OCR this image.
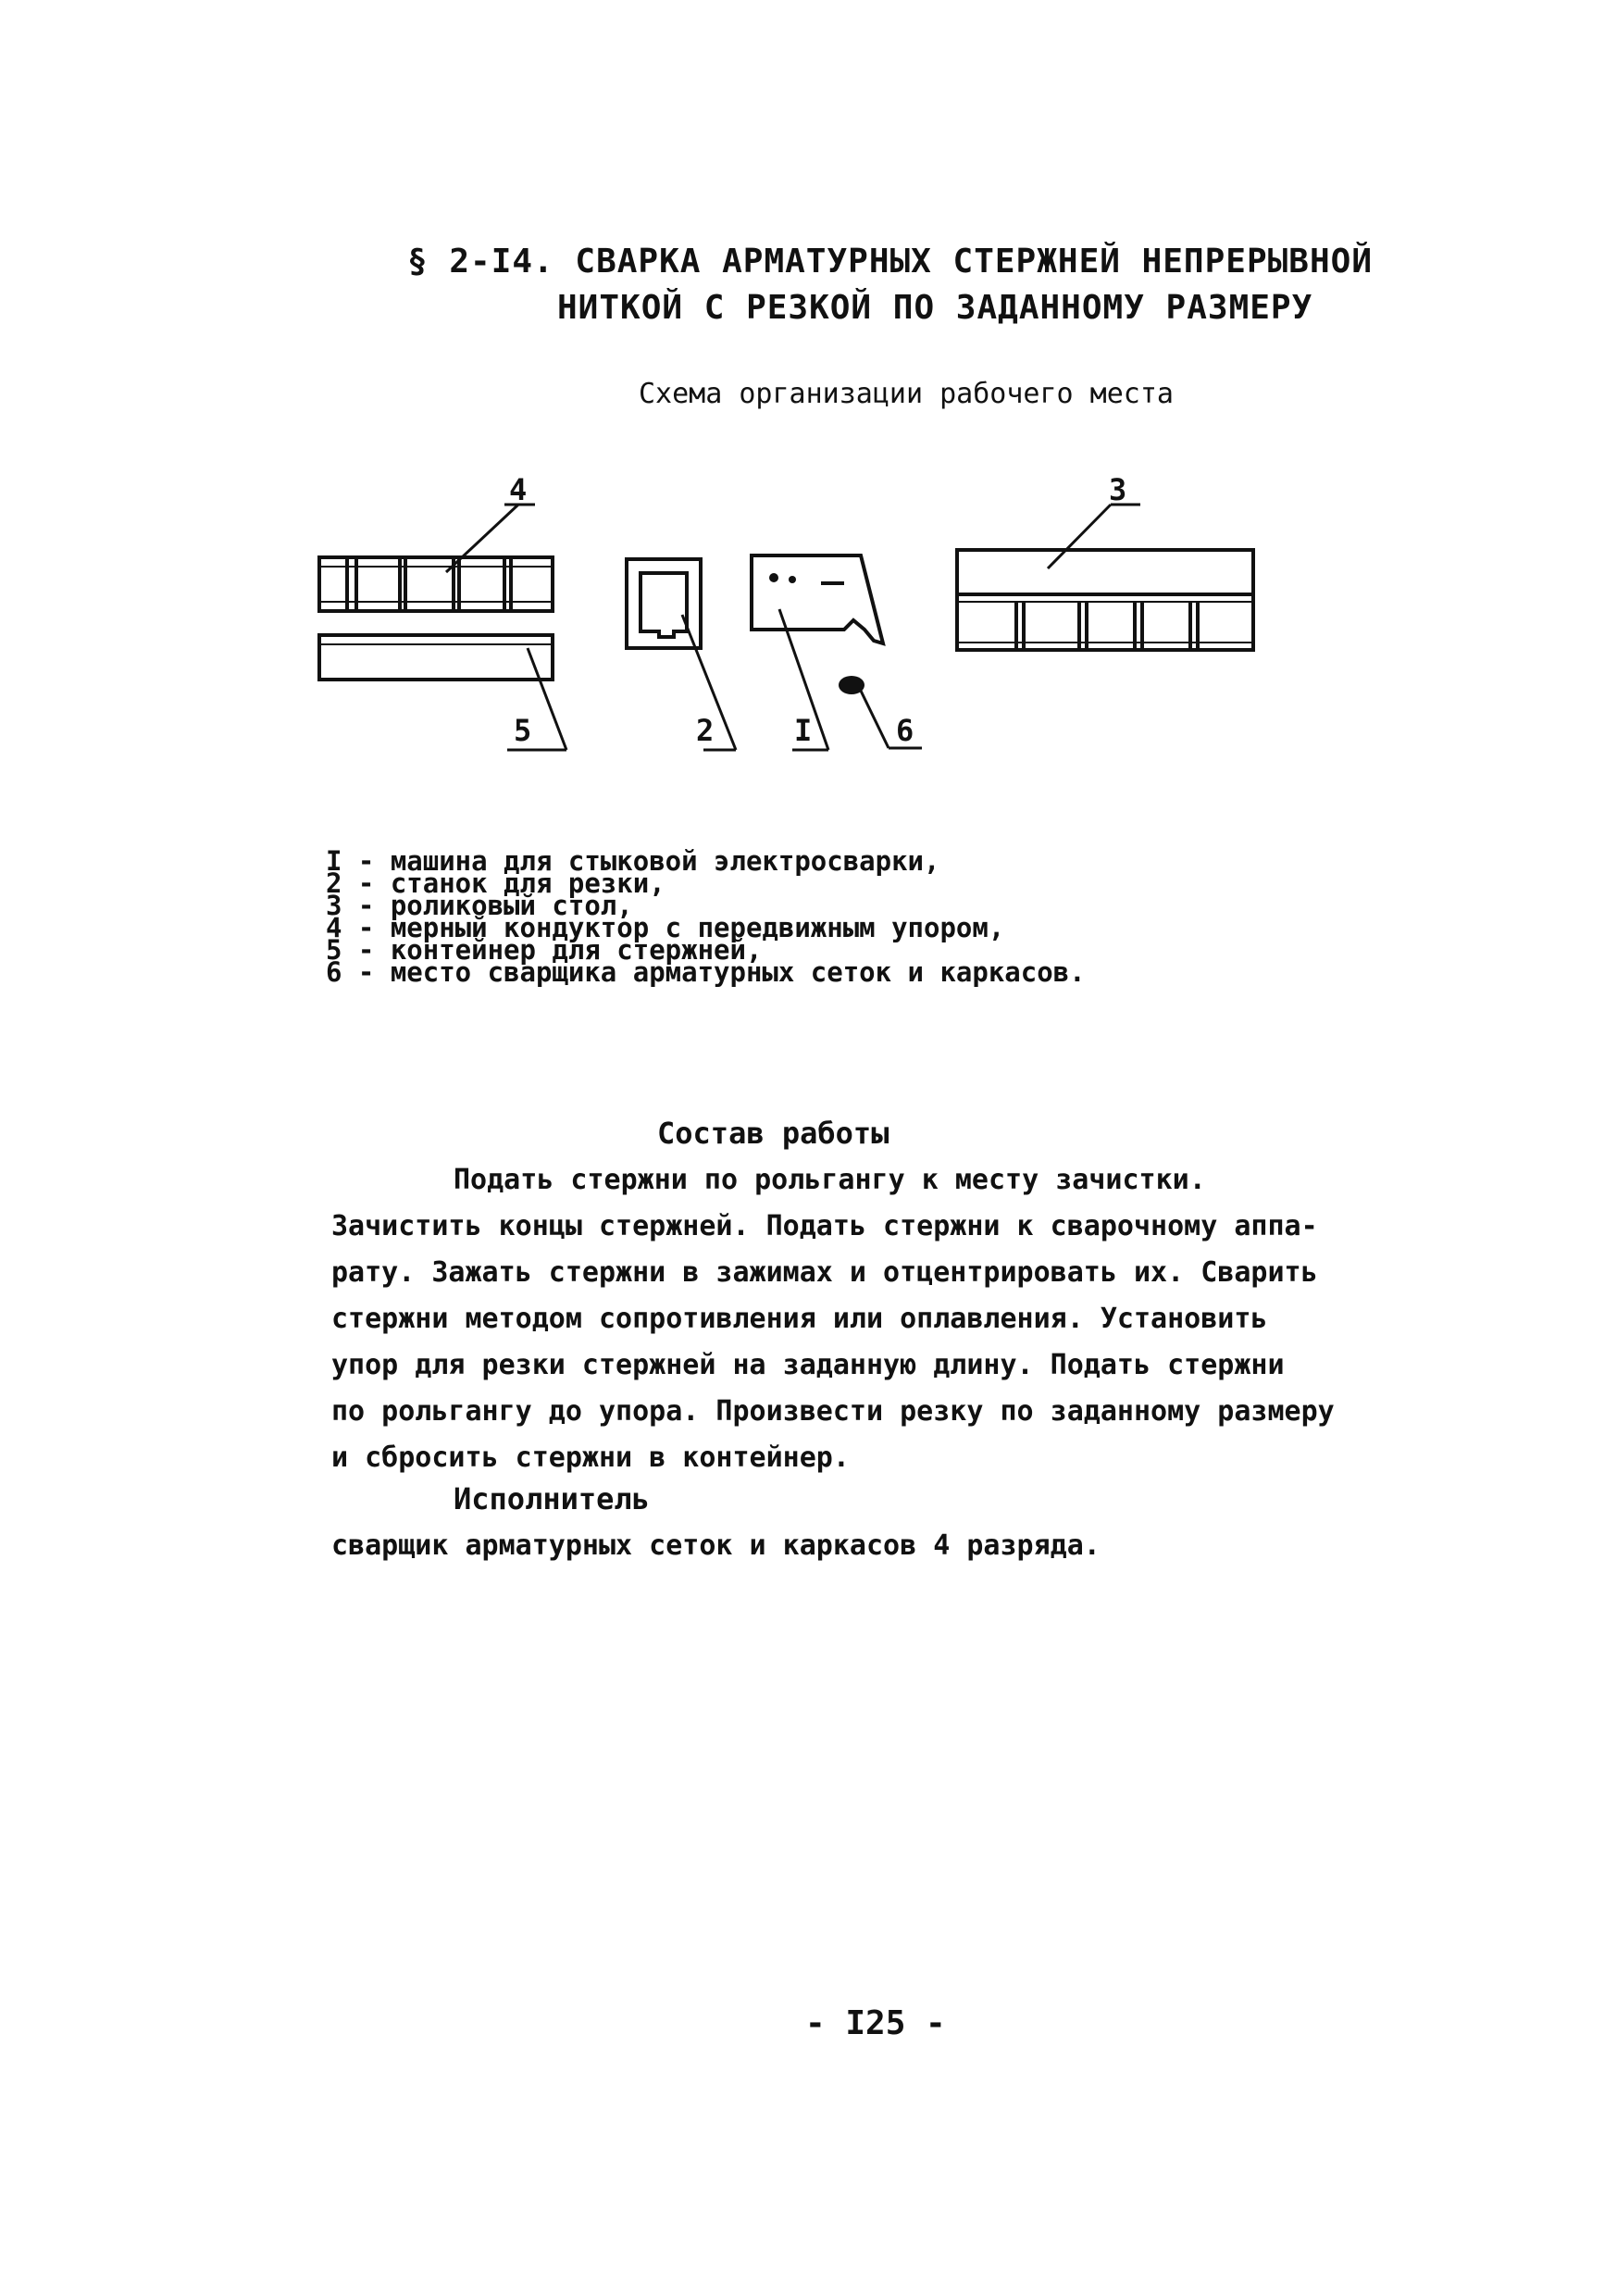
§ 2-I4. СВАРКА АРМАТУРНЫХ СТЕРЖНЕЙ НЕПРЕРЫВНОЙ
НИТКОЙ С РЕЗКОЙ ПО ЗАДАННОМУ РАЗМЕРУ
Схема организации рабочего места
4	3
5	2	I	6
I - машина для стыковой электросварки,
2 - станок для резки,
3 - роликовый стол,
4 - мерный кондуктор с передвижным упором,
5 - контейнер для стержней,
6 - место сварщика арматурных сеток и каркасов.
Состав работы
Подать стержни по рольгангу к месту зачистки.
Зачистить концы стержней. Подать стержни к сварочному аппа-
рату. Зажать стержни в зажимах и отцентрировать их. Сварить
стержни методом сопротивления или оплавления. Установить
упор для резки стержней на заданную длину. Подать стержни
по рольгангу до упора. Произвести резку по заданному размеру
и сбросить стержни в контейнер.
Исполнитель
сварщик арматурных сеток и каркасов 4 разряда.
- I25 -
